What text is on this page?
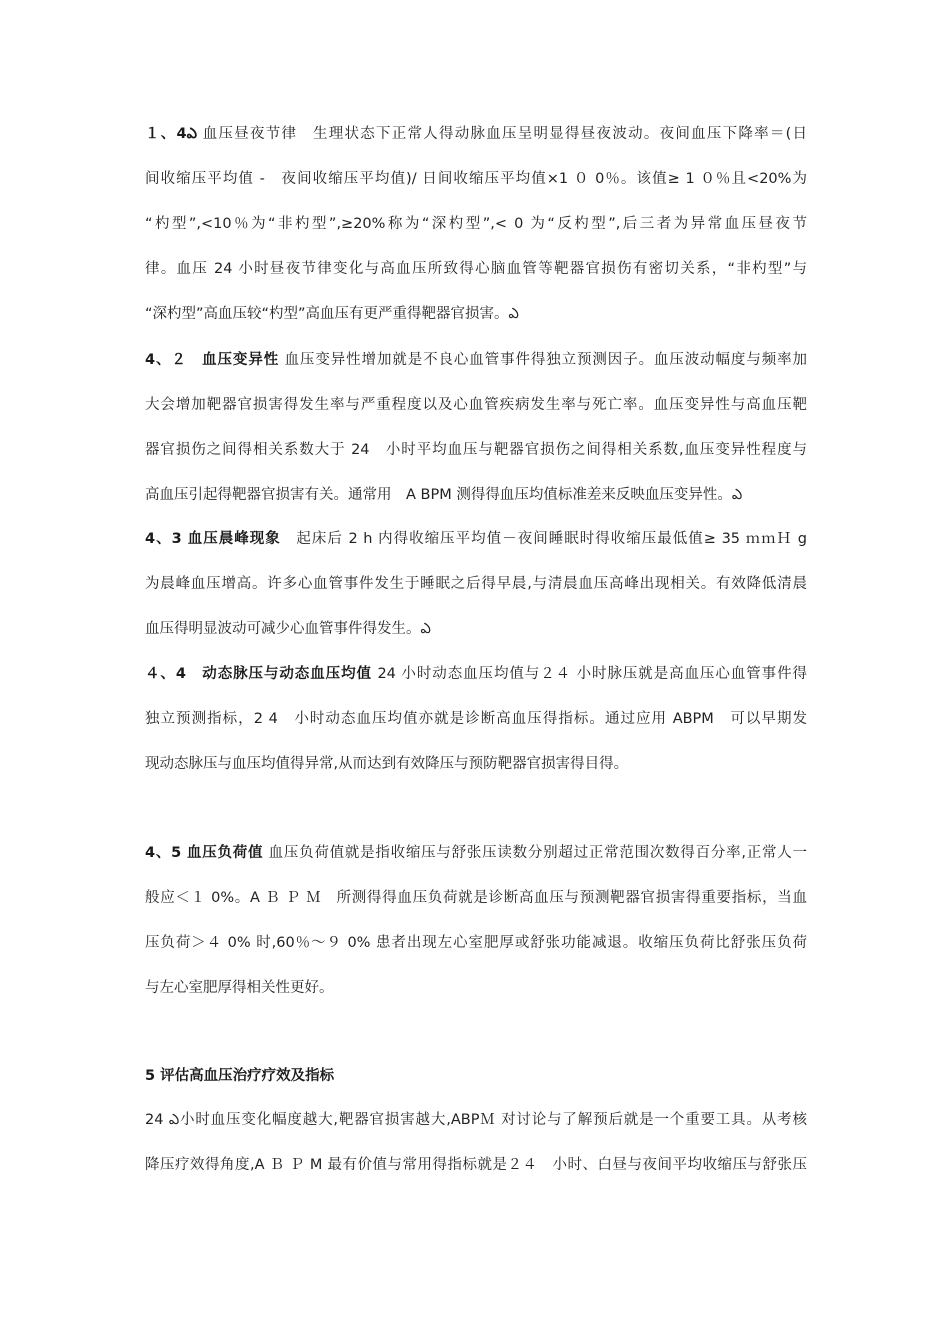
１、4ఎ 血压昼夜节律　生理状态下正常人得动脉血压呈明显得昼夜波动。夜间血压下降率＝(日
间收缩压平均值 -　夜间收缩压平均值)/ 日间收缩压平均值×1 ０ 0％。该值≥ 1 ０％且<20%为
“杓型”,<10％为“非杓型”,≥20%称为“深杓型”,< 0 为“反杓型”,后三者为异常血压昼夜节
律。血压 24 小时昼夜节律变化与高血压所致得心脑血管等靶器官损伤有密切关系，“非杓型”与
“深杓型”高血压较“杓型”高血压有更严重得靶器官损害。ఎ
4、２　血压变异性 血压变异性增加就是不良心血管事件得独立预测因子。血压波动幅度与频率加
大会增加靶器官损害得发生率与严重程度以及心血管疾病发生率与死亡率。血压变异性与高血压靶
器官损伤之间得相关系数大于 24　小时平均血压与靶器官损伤之间得相关系数,血压变异性程度与
高血压引起得靶器官损害有关。通常用　A BPM 测得得血压均值标准差来反映血压变异性。ఎ
4、3 血压晨峰现象　起床后 2 h 内得收缩压平均值－夜间睡眠时得收缩压最低值≥ 35 ｍｍＨ g
为晨峰血压增高。许多心血管事件发生于睡眠之后得早晨,与清晨血压高峰出现相关。有效降低清晨
血压得明显波动可减少心血管事件得发生。ఎ
４、4　动态脉压与动态血压均值 24 小时动态血压均值与２４ 小时脉压就是高血压心血管事件得
独立预测指标，2 4　小时动态血压均值亦就是诊断高血压得指标。通过应用 ABPM　可以早期发
现动态脉压与血压均值得异常,从而达到有效降压与预防靶器官损害得目得。
4、5 血压负荷值 血压负荷值就是指收缩压与舒张压读数分别超过正常范围次数得百分率,正常人一
般应＜１ 0%。A Ｂ Ｐ Ｍ　所测得得血压负荷就是诊断高血压与预测靶器官损害得重要指标，当血
压负荷＞４ 0% 时,60％～９ 0% 患者出现左心室肥厚或舒张功能减退。收缩压负荷比舒张压负荷
与左心室肥厚得相关性更好。
5 评估高血压治疗疗效及指标
24 ఎ小时血压变化幅度越大,靶器官损害越大,ABPＭ 对讨论与了解预后就是一个重要工具。从考核
降压疗效得角度,A Ｂ Ｐ M 最有价值与常用得指标就是２４　小时、白昼与夜间平均收缩压与舒张压
